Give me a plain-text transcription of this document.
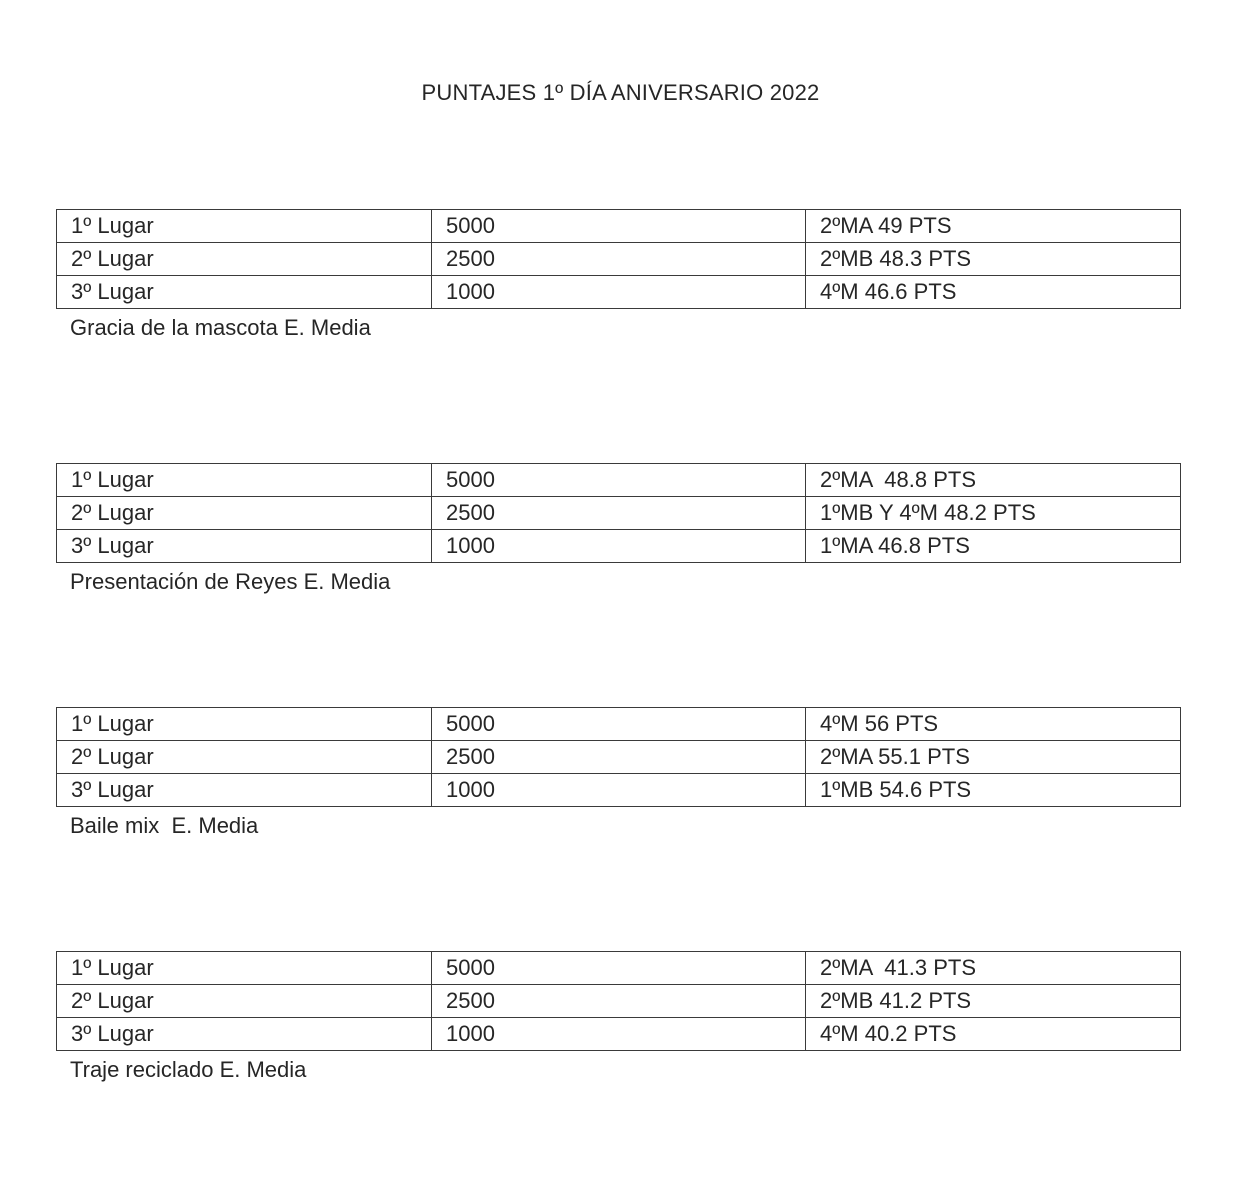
PUNTAJES 1º DÍA ANIVERSARIO 2022
1º Lugar	5000	2ºMA 49 PTS
2º Lugar	2500	2ºMB 48.3 PTS
3º Lugar	1000	4ºM 46.6 PTS
Gracia de la mascota E. Media
1º Lugar	5000	2ºMA  48.8 PTS
2º Lugar	2500	1ºMB Y 4ºM 48.2 PTS
3º Lugar	1000	1ºMA 46.8 PTS
Presentación de Reyes E. Media
1º Lugar	5000	4ºM 56 PTS
2º Lugar	2500	2ºMA 55.1 PTS
3º Lugar	1000	1ºMB 54.6 PTS
Baile mix  E. Media
1º Lugar	5000	2ºMA  41.3 PTS
2º Lugar	2500	2ºMB 41.2 PTS
3º Lugar	1000	4ºM 40.2 PTS
Traje reciclado E. Media
